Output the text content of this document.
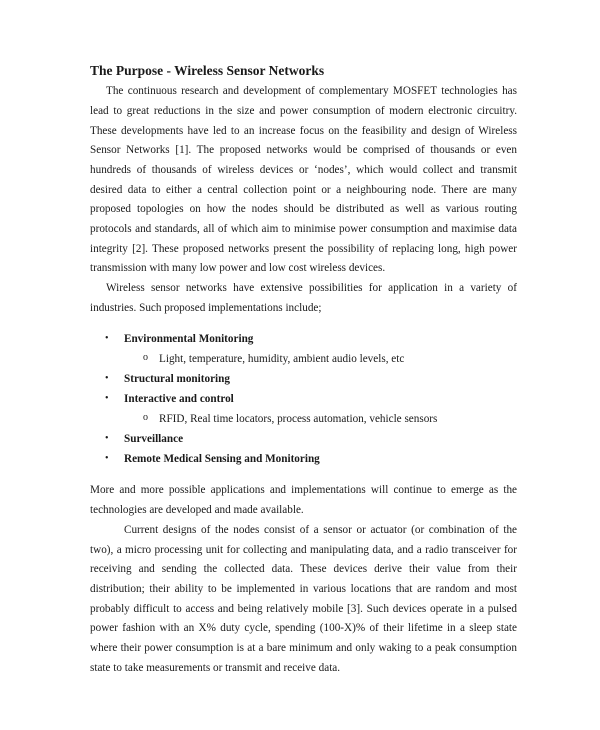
The Purpose - Wireless Sensor Networks
The continuous research and development of complementary MOSFET technologies has
lead to great reductions in the size and power consumption of modern electronic circuitry.
These developments have led to an increase focus on the feasibility and design of Wireless
Sensor Networks [1]. The proposed networks would be comprised of thousands or even
hundreds of thousands of wireless devices or ‘nodes’, which would collect and transmit
desired data to either a central collection point or a neighbouring node. There are many
proposed topologies on how the nodes should be distributed as well as various routing
protocols and standards, all of which aim to minimise power consumption and maximise data
integrity [2]. These proposed networks present the possibility of replacing long, high power
transmission with many low power and low cost wireless devices.
Wireless sensor networks have extensive possibilities for application in a variety of
industries. Such proposed implementations include;
More and more possible applications and implementations will continue to emerge as the
technologies are developed and made available.
Current designs of the nodes consist of a sensor or actuator (or combination of the
two), a micro processing unit for collecting and manipulating data, and a radio transceiver for
receiving and sending the collected data. These devices derive their value from their
distribution; their ability to be implemented in various locations that are random and most
probably difficult to access and being relatively mobile [3]. Such devices operate in a pulsed
power fashion with an X% duty cycle, spending (100-X)% of their lifetime in a sleep state
where their power consumption is at a bare minimum and only waking to a peak consumption
state to take measurements or transmit and receive data.
• Environmental Monitoring
o Light, temperature, humidity, ambient audio levels, etc
• Structural monitoring
• Interactive and control
o RFID, Real time locators, process automation, vehicle sensors
• Surveillance
• Remote Medical Sensing and Monitoring
